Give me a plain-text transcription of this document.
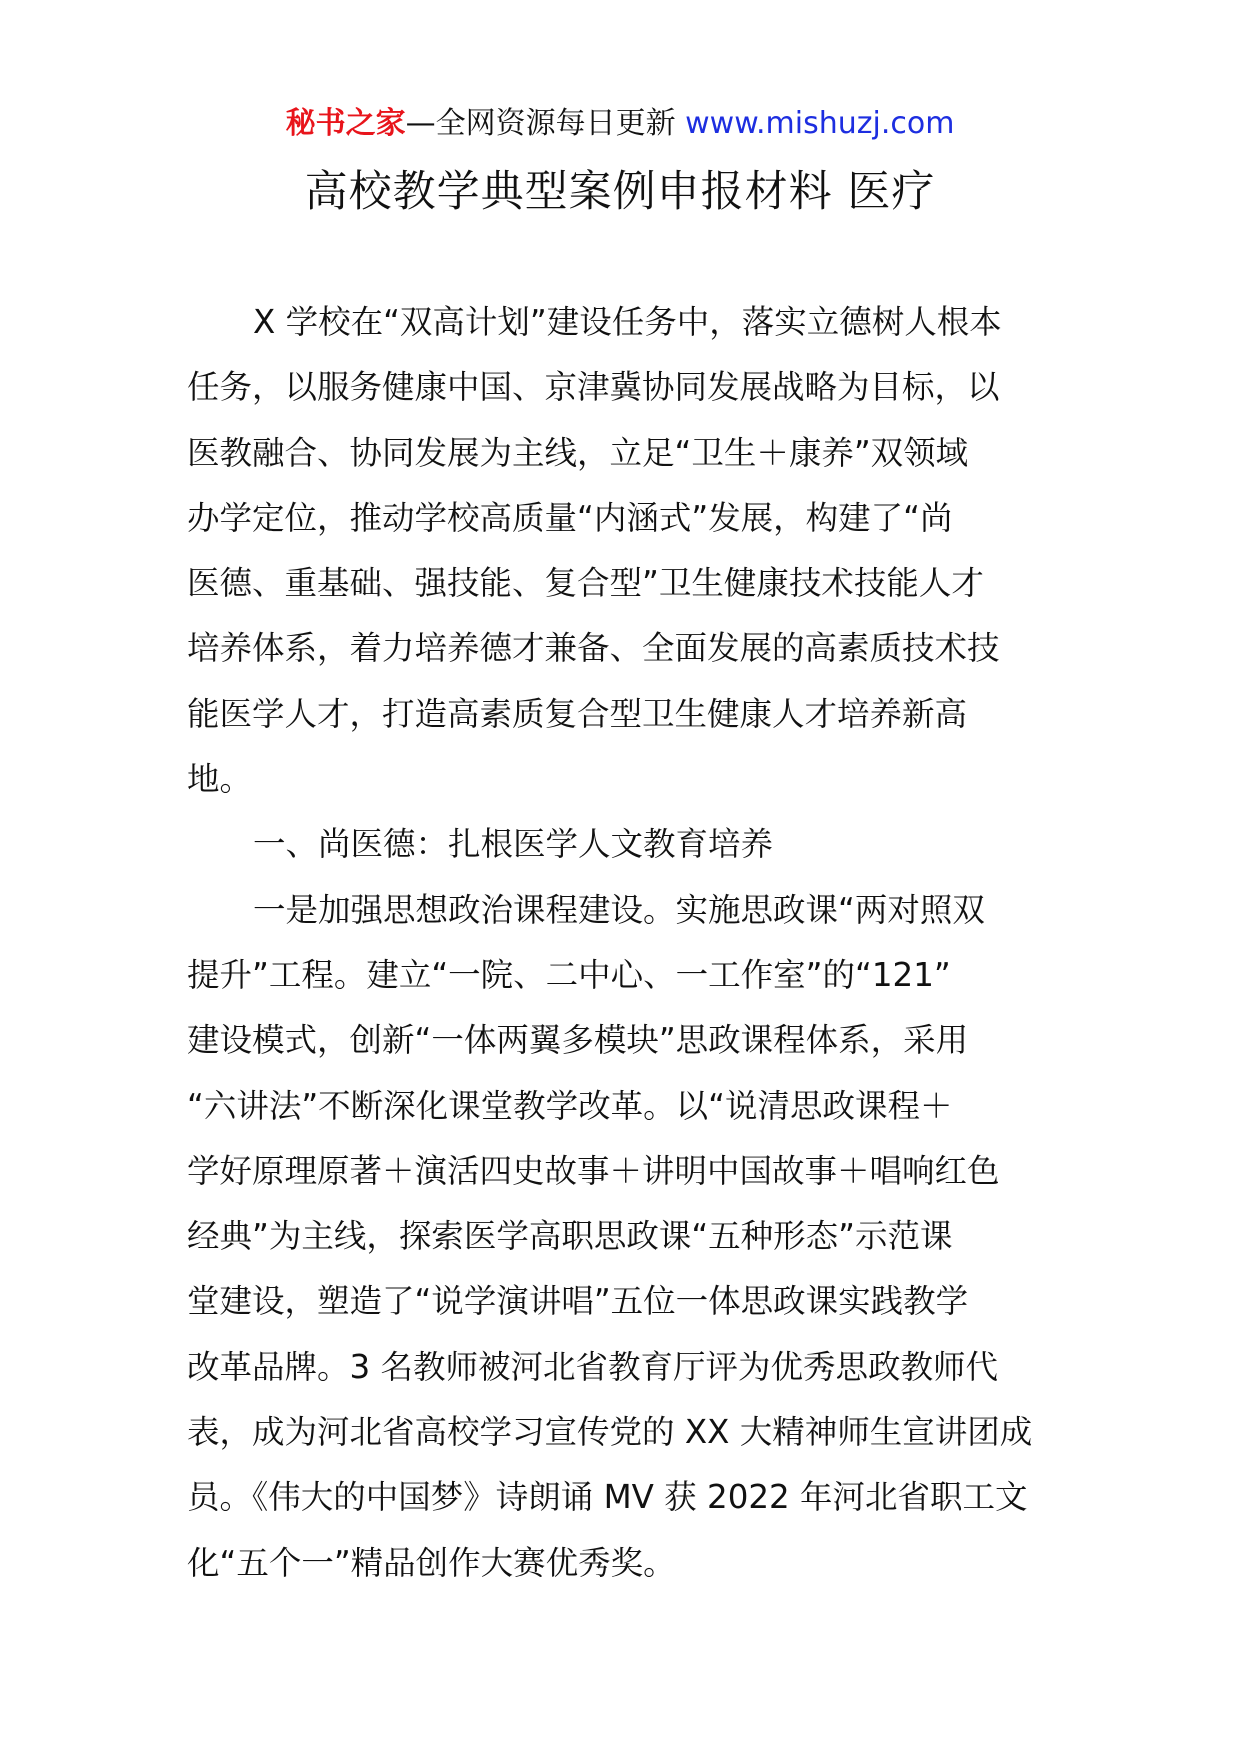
秘书之家—全网资源每日更新 www.mishuzj.com
高校教学典型案例申报材料 医疗
X 学校在“双高计划”建设任务中，落实立德树人根本
任务，以服务健康中国、京津冀协同发展战略为目标，以
医教融合、协同发展为主线，立足“卫生＋康养”双领域
办学定位，推动学校高质量“内涵式”发展，构建了“尚
医德、重基础、强技能、复合型”卫生健康技术技能人才
培养体系，着力培养德才兼备、全面发展的高素质技术技
能医学人才，打造高素质复合型卫生健康人才培养新高
地。
一、尚医德：扎根医学人文教育培养
一是加强思想政治课程建设。实施思政课“两对照双
提升”工程。建立“一院、二中心、一工作室”的“121”
建设模式，创新“一体两翼多模块”思政课程体系，采用
“六讲法”不断深化课堂教学改革。以“说清思政课程＋
学好原理原著＋演活四史故事＋讲明中国故事＋唱响红色
经典”为主线，探索医学高职思政课“五种形态”示范课
堂建设，塑造了“说学演讲唱”五位一体思政课实践教学
改革品牌。3 名教师被河北省教育厅评为优秀思政教师代
表，成为河北省高校学习宣传党的 XX 大精神师生宣讲团成
员。《伟大的中国梦》诗朗诵 MV 获 2022 年河北省职工文
化“五个一”精品创作大赛优秀奖。
